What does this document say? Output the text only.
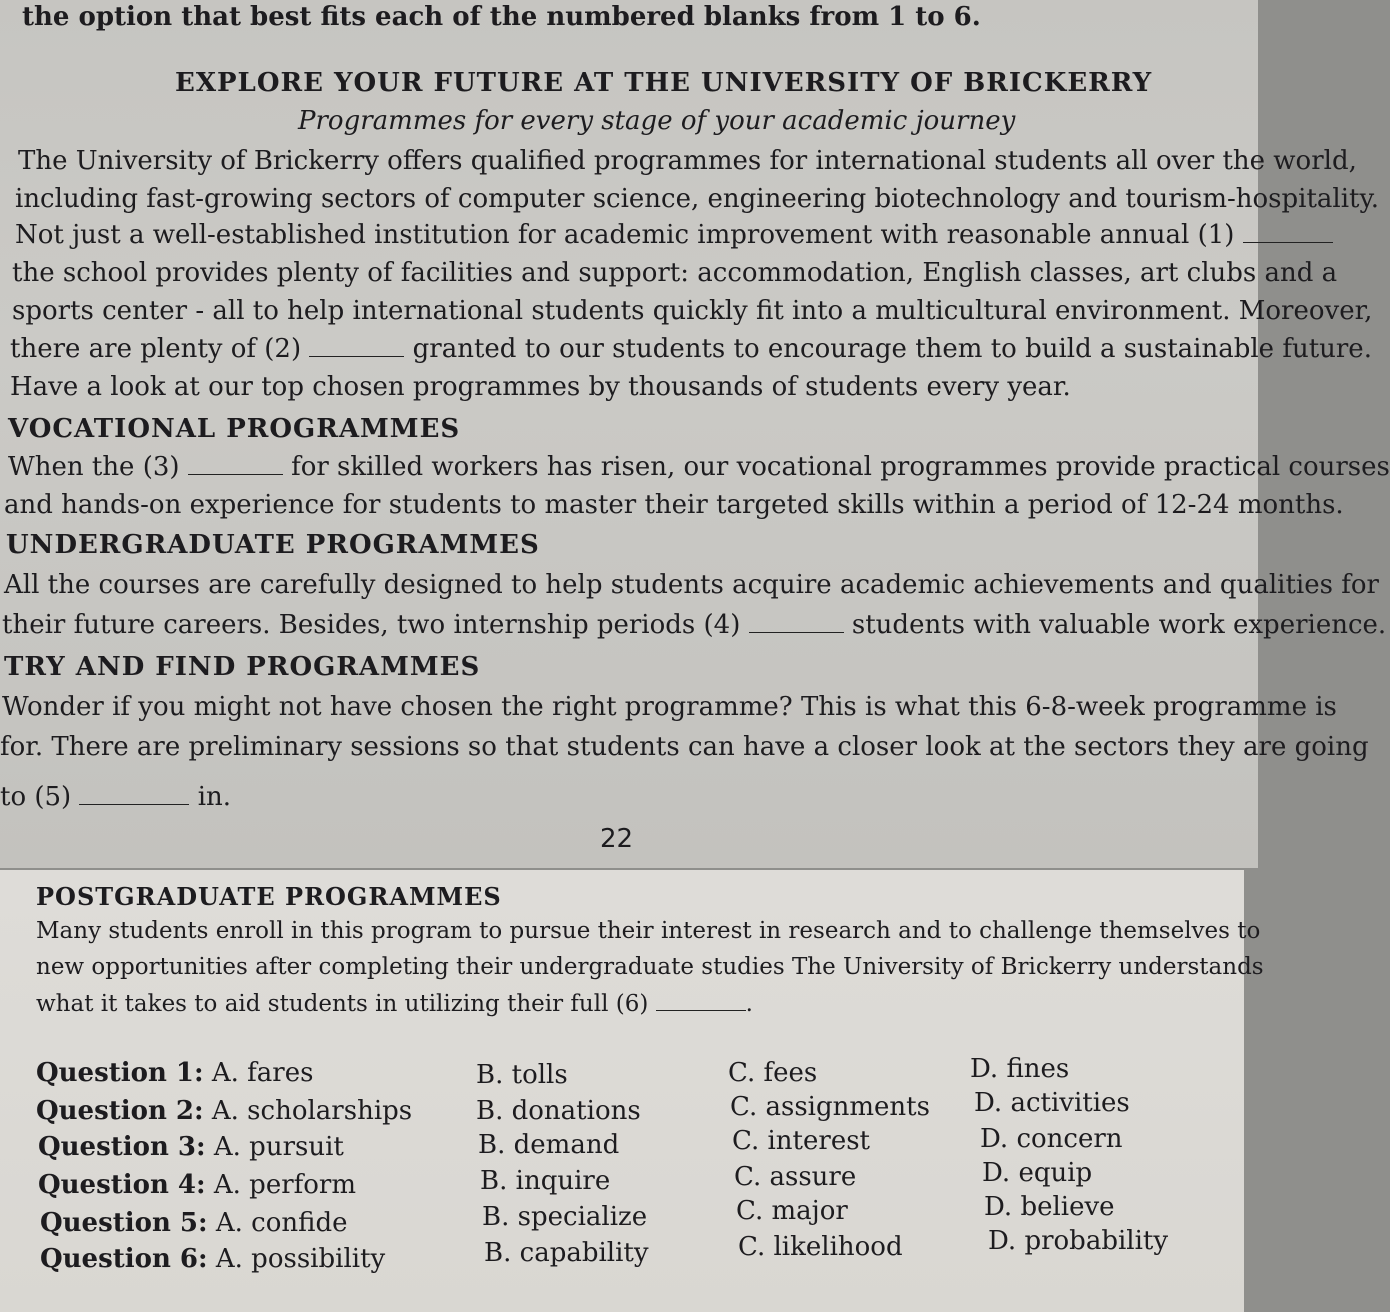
the option that best fits each of the numbered blanks from 1 to 6.
EXPLORE YOUR FUTURE AT THE UNIVERSITY OF BRICKERRY
Programmes for every stage of your academic journey
The University of Brickerry offers qualified programmes for international students all over the world,
including fast-growing sectors of computer science, engineering biotechnology and tourism-hospitality.
Not just a well-established institution for academic improvement with reasonable annual (1)
the school provides plenty of facilities and support: accommodation, English classes, art clubs and a
sports center - all to help international students quickly fit into a multicultural environment. Moreover,
there are plenty of (2)	granted to our students to encourage them to build a sustainable future.
Have a look at our top chosen programmes by thousands of students every year.
VOCATIONAL PROGRAMMES
When the (3)	for skilled workers has risen, our vocational programmes provide practical courses
and hands-on experience for students to master their targeted skills within a period of 12-24 months.
UNDERGRADUATE PROGRAMMES
All the courses are carefully designed to help students acquire academic achievements and qualities for
their future careers. Besides, two internship periods (4)	students with valuable work experience.
TRY AND FIND PROGRAMMES
Wonder if you might not have chosen the right programme? This is what this 6-8-week programme is
for. There are preliminary sessions so that students can have a closer look at the sectors they are going
to (5)	in.
22
POSTGRADUATE PROGRAMMES
Many students enroll in this program to pursue their interest in research and to challenge themselves to
new opportunities after completing their undergraduate studies The University of Brickerry understands
what it takes to aid students in utilizing their full (6)	.
Question 1: A. fares	B. tolls	C. fees	D. fines
Question 2: A. scholarships B. donations	C. assignments D. activities
Question 3: A. pursuit	B. demand	C. interest	D. concern
Question 4: A. perform	B. inquire	C. assure	D. equip
Question 5: A. confide	B. specialize	C. major	D. believe
Question 6: A. possibility	B. capability	C. likelihood	D. probability
